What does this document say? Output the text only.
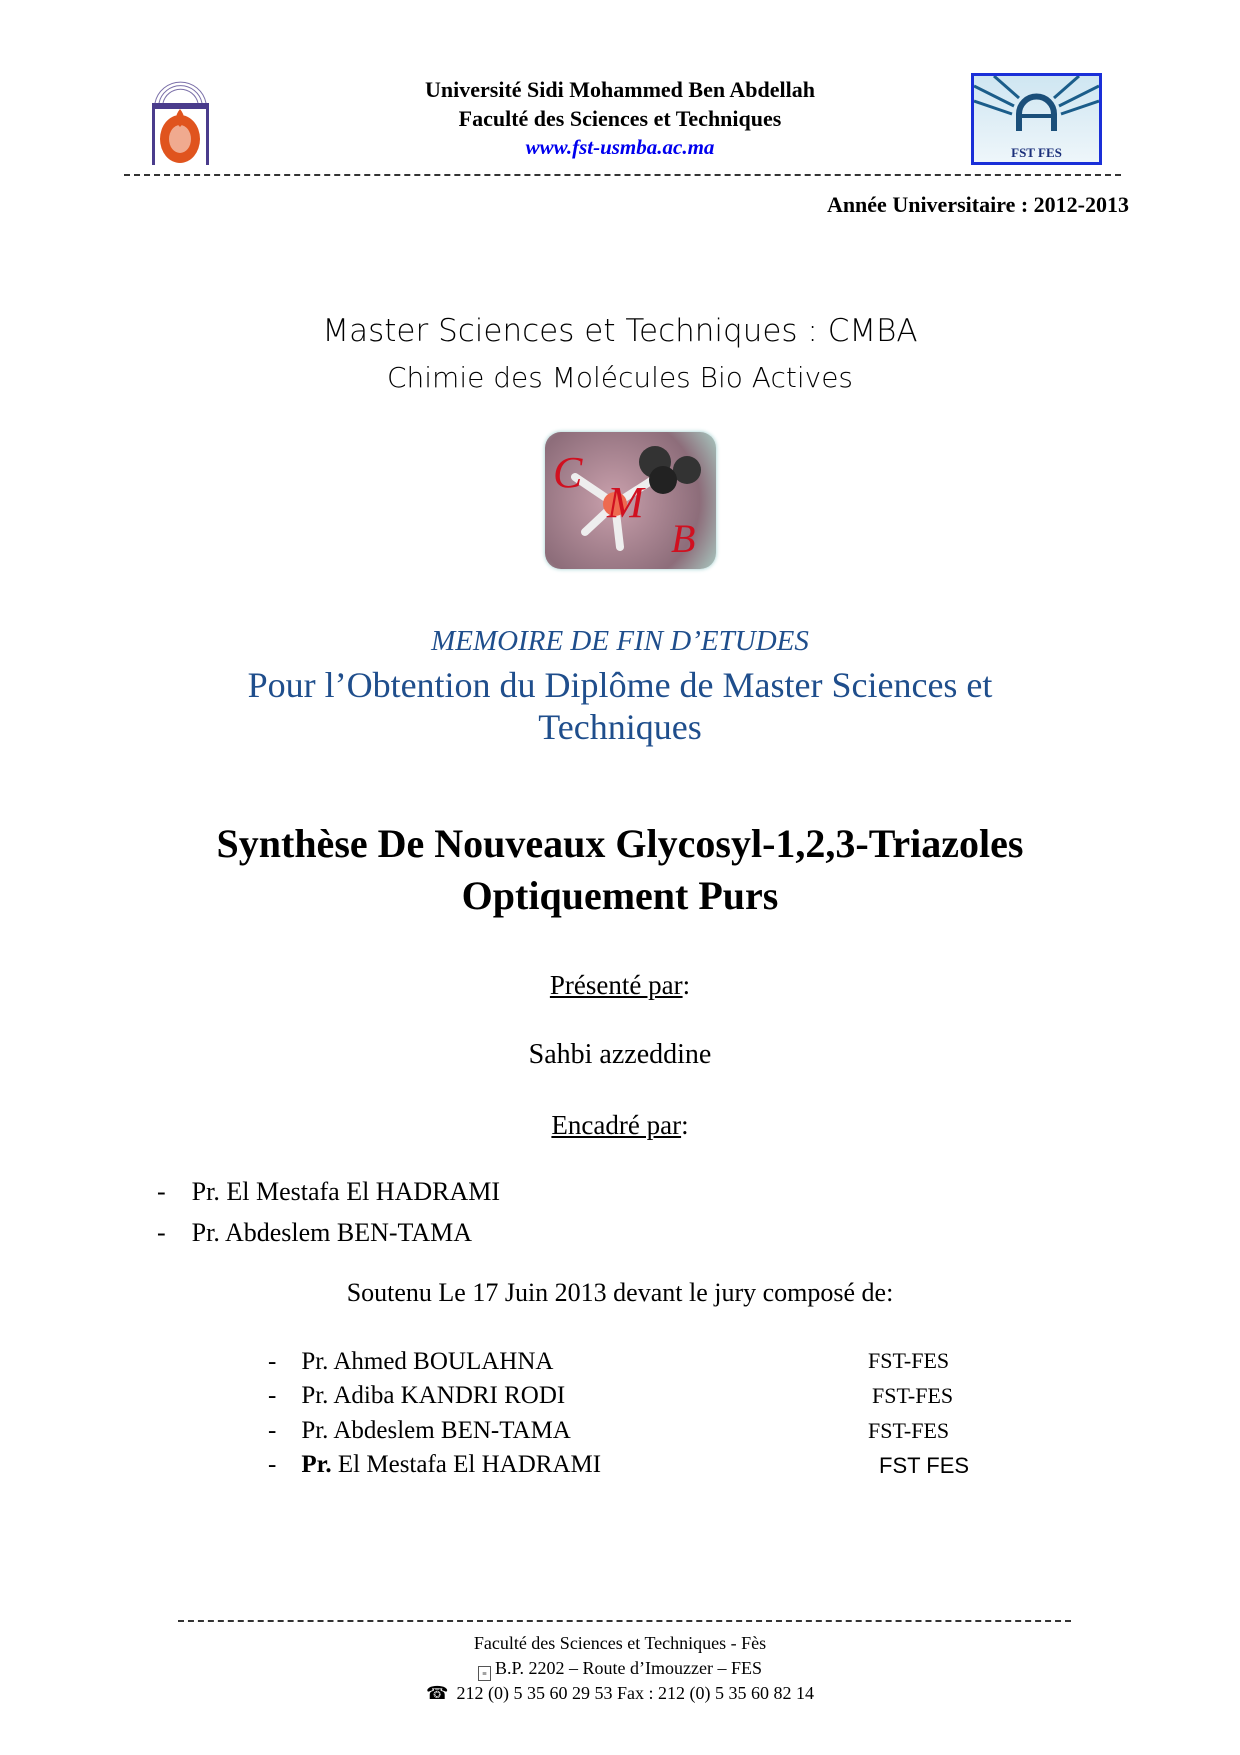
Université Sidi Mohammed Ben Abdellah
Faculté des Sciences et Techniques
www.fst-usmba.ac.ma	FST FES
Année Universitaire : 2012-2013
Master Sciences et Techniques : CMBA
Chimie des Molécules Bio Actives
C
M
B
MEMOIRE DE FIN D’ETUDES
Pour l’Obtention du Diplôme de Master Sciences et
Techniques
Synthèse De Nouveaux Glycosyl-1,2,3-Triazoles
Optiquement Purs
Présenté par:
Sahbi azzeddine
Encadré par:
-    Pr. El Mestafa El HADRAMI
-    Pr. Abdeslem BEN-TAMA
Soutenu Le 17 Juin 2013 devant le jury composé de:
-    Pr. Ahmed BOULAHNA	FST-FES
-    Pr. Adiba KANDRI RODI	FST-FES
-    Pr. Abdeslem BEN-TAMA	FST-FES
-    Pr. El Mestafa El HADRAMI	FST FES
Faculté des Sciences et Techniques - Fès
≡ B.P. 2202 – Route d’Imouzzer – FES
☎ 212 (0) 5 35 60 29 53 Fax : 212 (0) 5 35 60 82 14
